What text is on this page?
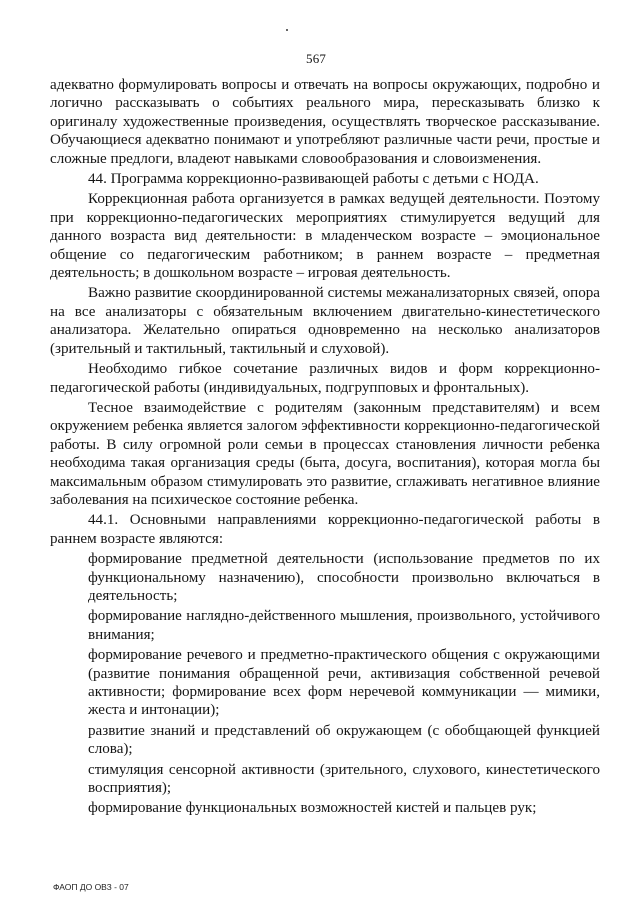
567

адекватно формулировать вопросы и отвечать на вопросы окружающих, подробно и логично рассказывать о событиях реального мира, пересказывать близко к оригиналу художественные произведения, осуществлять творческое рассказывание. Обучающиеся адекватно понимают и употребляют различные части речи, простые и сложные предлоги, владеют навыками словообразования и словоизменения.

44. Программа коррекционно-развивающей работы с детьми с НОДА.

Коррекционная работа организуется в рамках ведущей деятельности. Поэтому при коррекционно-педагогических мероприятиях стимулируется ведущий для данного возраста вид деятельности: в младенческом возрасте – эмоциональное общение со педагогическим работником; в раннем возрасте – предметная деятельность; в дошкольном возрасте – игровая деятельность.

Важно развитие скоординированной системы межанализаторных связей, опора на все анализаторы с обязательным включением двигательно-кинестетического анализатора. Желательно опираться одновременно на несколько анализаторов (зрительный и тактильный, тактильный и слуховой).

Необходимо гибкое сочетание различных видов и форм коррекционно-педагогической работы (индивидуальных, подгрупповых и фронтальных).

Тесное взаимодействие с родителям (законным представителям) и всем окружением ребенка является залогом эффективности коррекционно-педагогической работы. В силу огромной роли семьи в процессах становления личности ребенка необходима такая организация среды (быта, досуга, воспитания), которая могла бы максимальным образом стимулировать это развитие, сглаживать негативное влияние заболевания на психическое состояние ребенка.

44.1. Основными направлениями коррекционно-педагогической работы в раннем возрасте являются:

формирование предметной деятельности (использование предметов по их функциональному назначению), способности произвольно включаться в деятельность;

формирование наглядно-действенного мышления, произвольного, устойчивого внимания;

формирование речевого и предметно-практического общения с окружающими (развитие понимания обращенной речи, активизация собственной речевой активности; формирование всех форм неречевой коммуникации — мимики, жеста и интонации);

развитие знаний и представлений об окружающем (с обобщающей функцией слова);

стимуляция сенсорной активности (зрительного, слухового, кинестетического восприятия);

формирование функциональных возможностей кистей и пальцев рук;

ФАОП ДО ОВЗ - 07
